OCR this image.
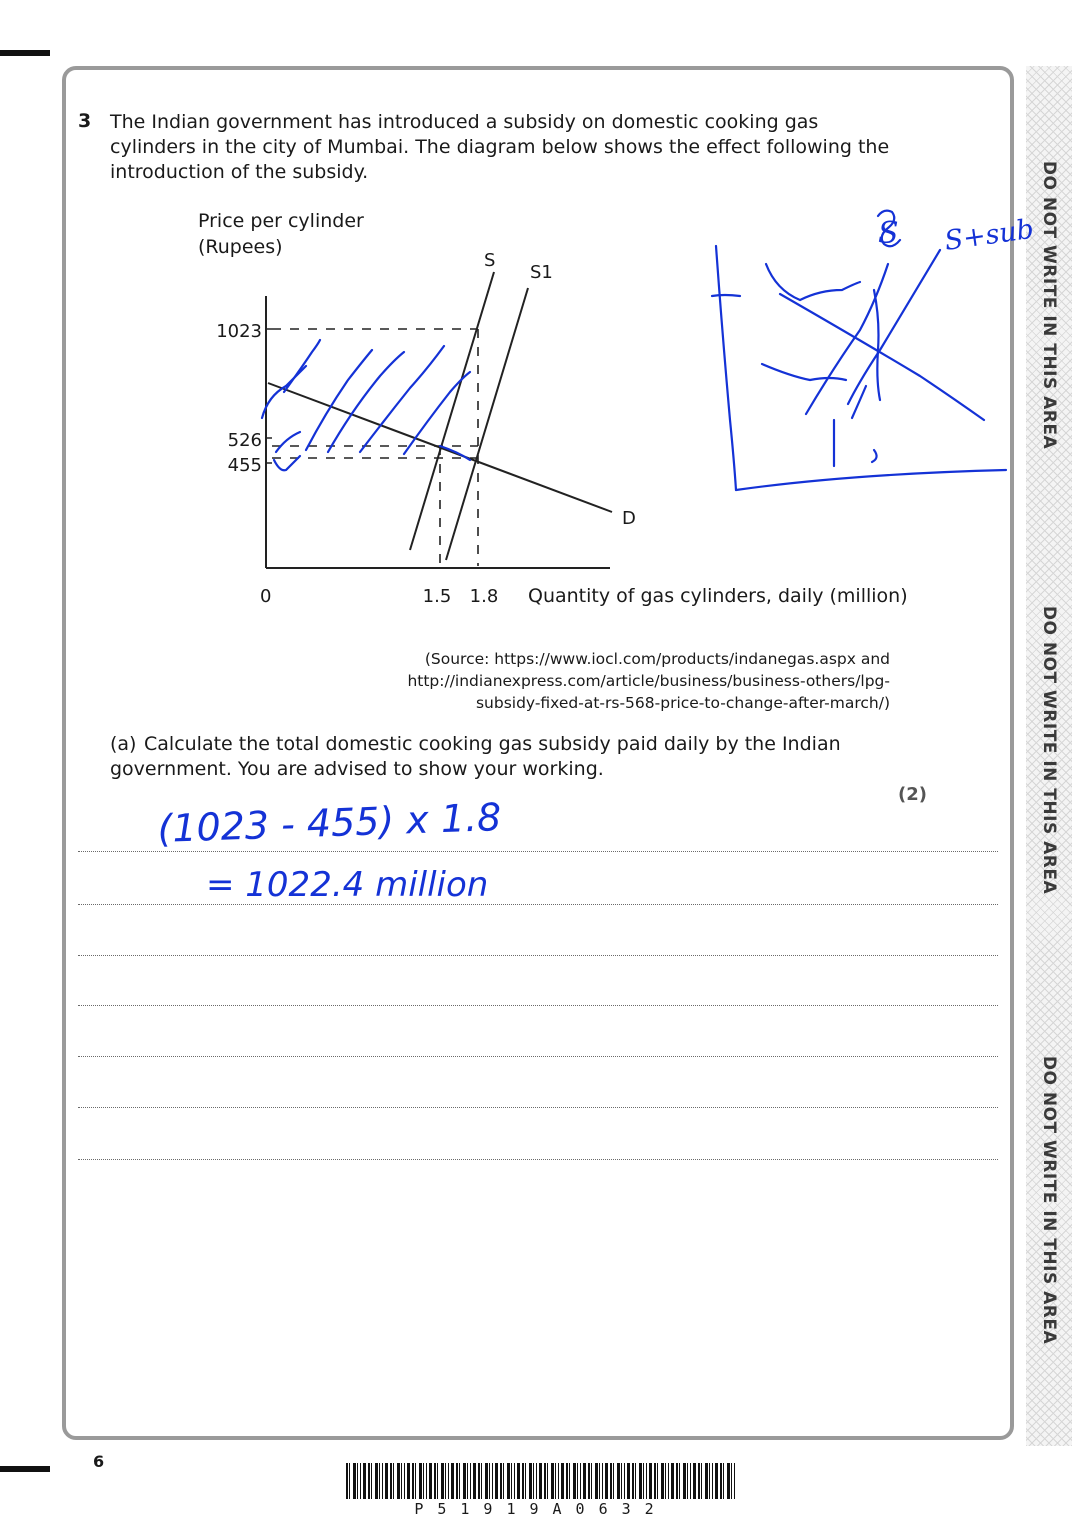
DO NOT WRITE IN THIS AREA
DO NOT WRITE IN THIS AREA
DO NOT WRITE IN THIS AREA
3 The Indian government has introduced a subsidy on domestic cooking gas cylinders in the city of Mumbai. The diagram below shows the effect following the introduction of the subsidy.

Price per cylinder
(Rupees)
1023
526
455
S
S1
D
0	1.5 1.8 Quantity of gas cylinders, daily (million)
S S+sub
(1023 - 455) x 1.8
= 1022.4 million
(Source: https://www.iocl.com/products/indanegas.aspx and
http://indianexpress.com/article/business/business-others/lpg-
subsidy-fixed-at-rs-568-price-to-change-after-march/)
(a) Calculate the total domestic cooking gas subsidy paid daily by the Indian government. You are advised to show your working.
(2)
6
P51919A0632
